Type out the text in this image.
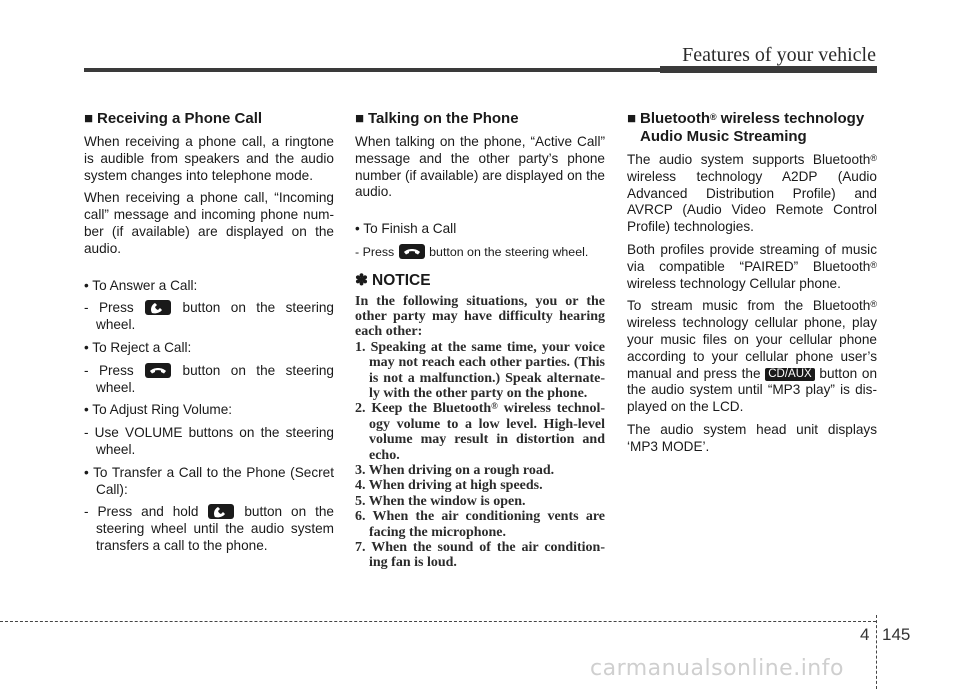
Features of your vehicle
■ Receiving a Phone Call

When receiving a phone call, a ringtone is audible from speakers and the audio system changes into telephone mode.

When receiving a phone call, “Incoming call” message and incoming phone num-ber (if available) are displayed on the audio.

• To Answer a Call:

- Press	button on the steering wheel.

• To Reject a Call:

- Press	button on the steering wheel.

• To Adjust Ring Volume:

- Use VOLUME buttons on the steering wheel.

• To Transfer a Call to the Phone (Secret Call):

- Press and hold	button on the steering wheel until the audio system transfers a call to the phone.

■ Talking on the Phone

When talking on the phone, “Active Call” message and the other party’s phone number (if available) are displayed on the audio.

• To Finish a Call

- Press	button on the steering wheel.

✽ NOTICE

In the following situations, you or the other party may have difficulty hearing each other:

1. Speaking at the same time, your voice may not reach each other parties. (This is not a malfunction.) Speak alternate-ly with the other party on the phone.

2. Keep the Bluetooth® wireless technol-ogy volume to a low level. High-level volume may result in distortion and echo.

3. When driving on a rough road.

4. When driving at high speeds.

5. When the window is open.

6. When the air conditioning vents are facing the microphone.

7. When the sound of the air condition-ing fan is loud.

■ Bluetooth® wireless technology
Audio Music Streaming

The audio system supports Bluetooth® wireless technology A2DP (Audio Advanced Distribution Profile) and AVRCP (Audio Video Remote Control Profile) technologies.

Both profiles provide streaming of music via compatible “PAIRED” Bluetooth® wireless technology Cellular phone.

To stream music from the Bluetooth® wireless technology cellular phone, play your music files on your cellular phone according to your cellular phone user’s manual and press the CD/AUX button on the audio system until “MP3 play” is dis-played on the LCD.

The audio system head unit displays ‘MP3 MODE’.

4 145
carmanualsonline.info
